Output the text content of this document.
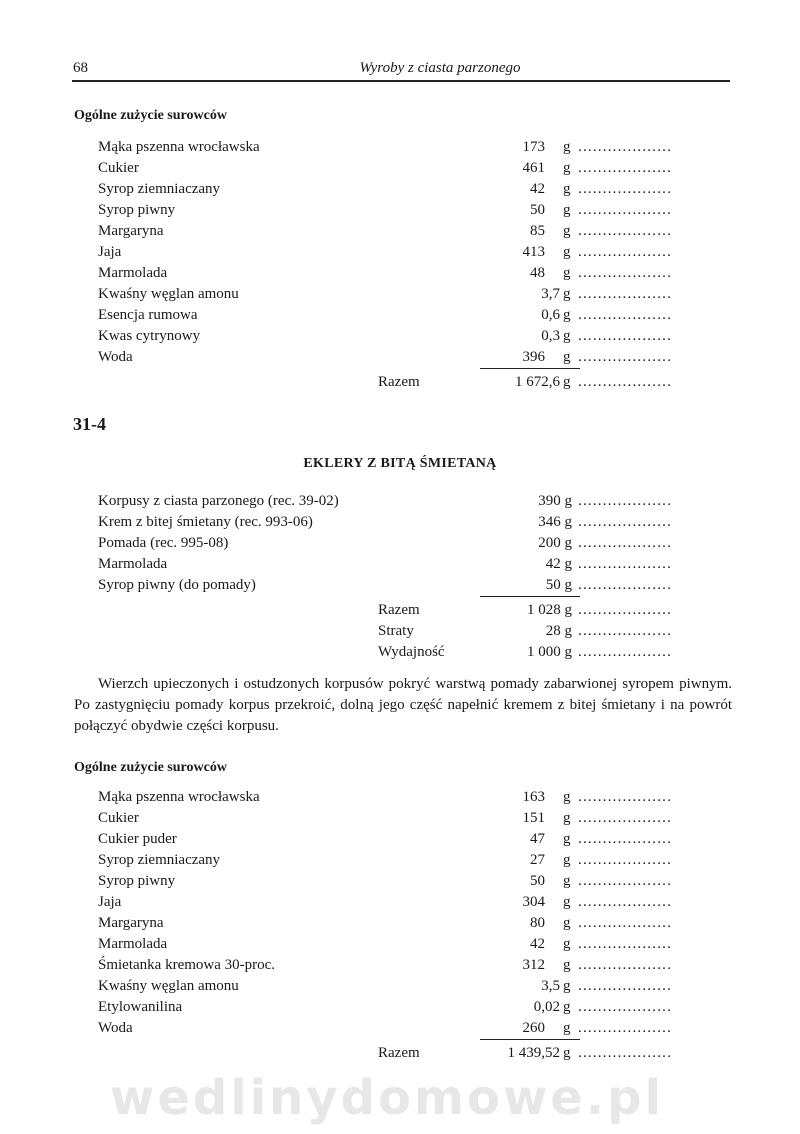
68	Wyroby z ciasta parzonego
Ogólne zużycie surowców
Mąka pszenna wrocławska	173	g ...................
Cukier	461	g ...................
Syrop ziemniaczany	42	g ...................
Syrop piwny	50	g ...................
Margaryna	85	g ...................
Jaja	413	g ...................
Marmolada	48	g ...................
Kwaśny węglan amonu	3,7 g ...................
Esencja rumowa	0,6 g ...................
Kwas cytrynowy	0,3 g ...................
Woda	396	g ...................
Razem	1 672,6 g ...................
31-4
EKLERY Z BITĄ ŚMIETANĄ
Korpusy z ciasta parzonego (rec. 39-02)	390 g ...................
Krem z bitej śmietany (rec. 993-06)	346 g ...................
Pomada (rec. 995-08)	200 g ...................
Marmolada	42 g ...................
Syrop piwny (do pomady)	50 g ...................
Razem	1 028 g ...................
Straty	28 g ...................
Wydajność	1 000 g ...................
Wierzch upieczonych i ostudzonych korpusów pokryć warstwą pomady zabarwionej syropem piwnym. Po zastygnięciu pomady korpus przekroić, dolną jego część napełnić kremem z bitej śmietany i na powrót połączyć obydwie części korpusu.
Ogólne zużycie surowców
Mąka pszenna wrocławska	163	g ...................
Cukier	151	g ...................
Cukier puder	47	g ...................
Syrop ziemniaczany	27	g ...................
Syrop piwny	50	g ...................
Jaja	304	g ...................
Margaryna	80	g ...................
Marmolada	42	g ...................
Śmietanka kremowa 30-proc.	312	g ...................
Kwaśny węglan amonu	3,5 g ...................
Etylowanilina	0,02 g ...................
Woda	260	g ...................
Razem	1 439,52 g ...................
wedlinydomowe.pl
